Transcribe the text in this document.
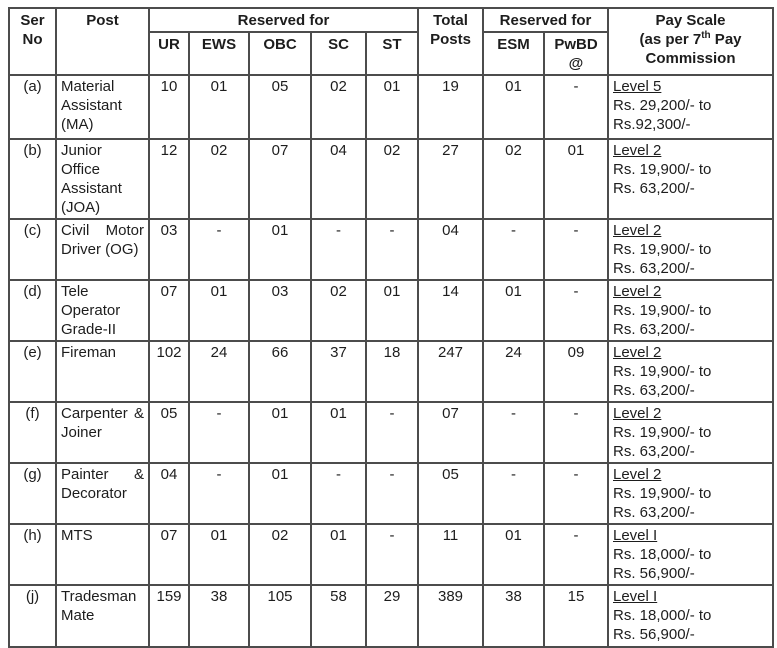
Ser No	Post	Reserved for					Total Posts	Reserved for		Pay Scale
(as per 7th Pay
Commission

		UR	EWS	OBC	SC	ST		ESM	PwBD
@	

(a)	Material Assistant (MA)	10	01	05	02	01	19	01	-	Level 5
Rs. 29,200/- to
Rs.92,300/-

(b)	Junior Office Assistant (JOA)	12	02	07	04	02	27	02	01	Level 2
Rs. 19,900/- to
Rs. 63,200/-

(c)	Civil Motor Driver (OG)	03	-	01	-	-	04	-	-	Level 2
Rs. 19,900/- to
Rs. 63,200/-

(d)	Tele Operator Grade-II	07	01	03	02	01	14	01	-	Level 2
Rs. 19,900/- to
Rs. 63,200/-

(e)	Fireman	102	24	66	37	18	247	24	09	Level 2
Rs. 19,900/- to
Rs. 63,200/-

(f)	Carpenter & Joiner	05	-	01	01	-	07	-	-	Level 2
Rs. 19,900/- to
Rs. 63,200/-

(g)	Painter & Decorator	04	-	01	-	-	05	-	-	Level 2
Rs. 19,900/- to
Rs. 63,200/-

(h)	MTS	07	01	02	01	-	11	01	-	Level I
Rs. 18,000/- to
Rs. 56,900/-

(j)	Tradesman Mate	159	38	105	58	29	389	38	15	Level I
Rs. 18,000/- to
Rs. 56,900/-
